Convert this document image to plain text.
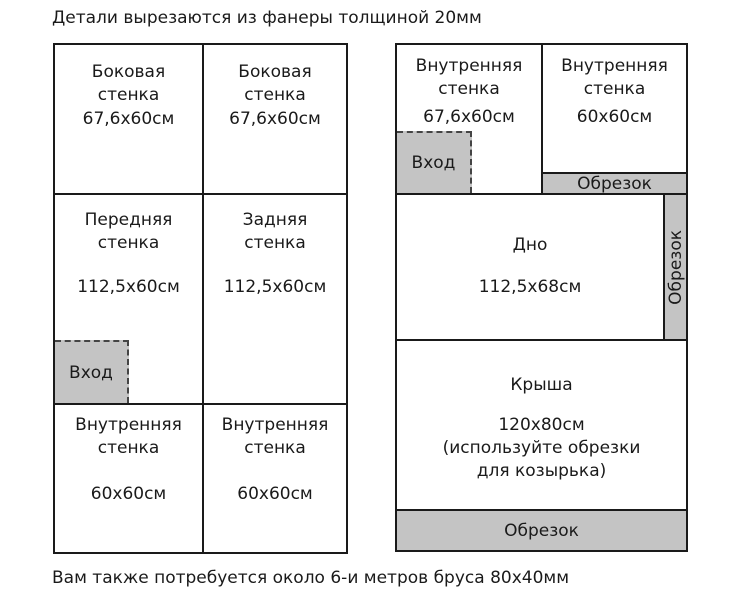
Детали вырезаются из фанеры толщиной 20мм
Боковая
стенка
67,6х60см
Боковая
стенка
67,6х60см
Передняя
стенка
112,5х60см
Вход
Задняя
стенка
112,5х60см
Внутренняя
стенка
60х60см
Внутренняя
стенка
60х60см
Внутренняя
стенка
67,6х60см
Вход
Внутренняя
стенка
60х60см
Обрезок
Дно
112,5х68см	Обрезок
Крыша
120х80см
(используйте обрезки
для козырька)
Обрезок
Вам также потребуется около 6-и метров бруса 80х40мм
